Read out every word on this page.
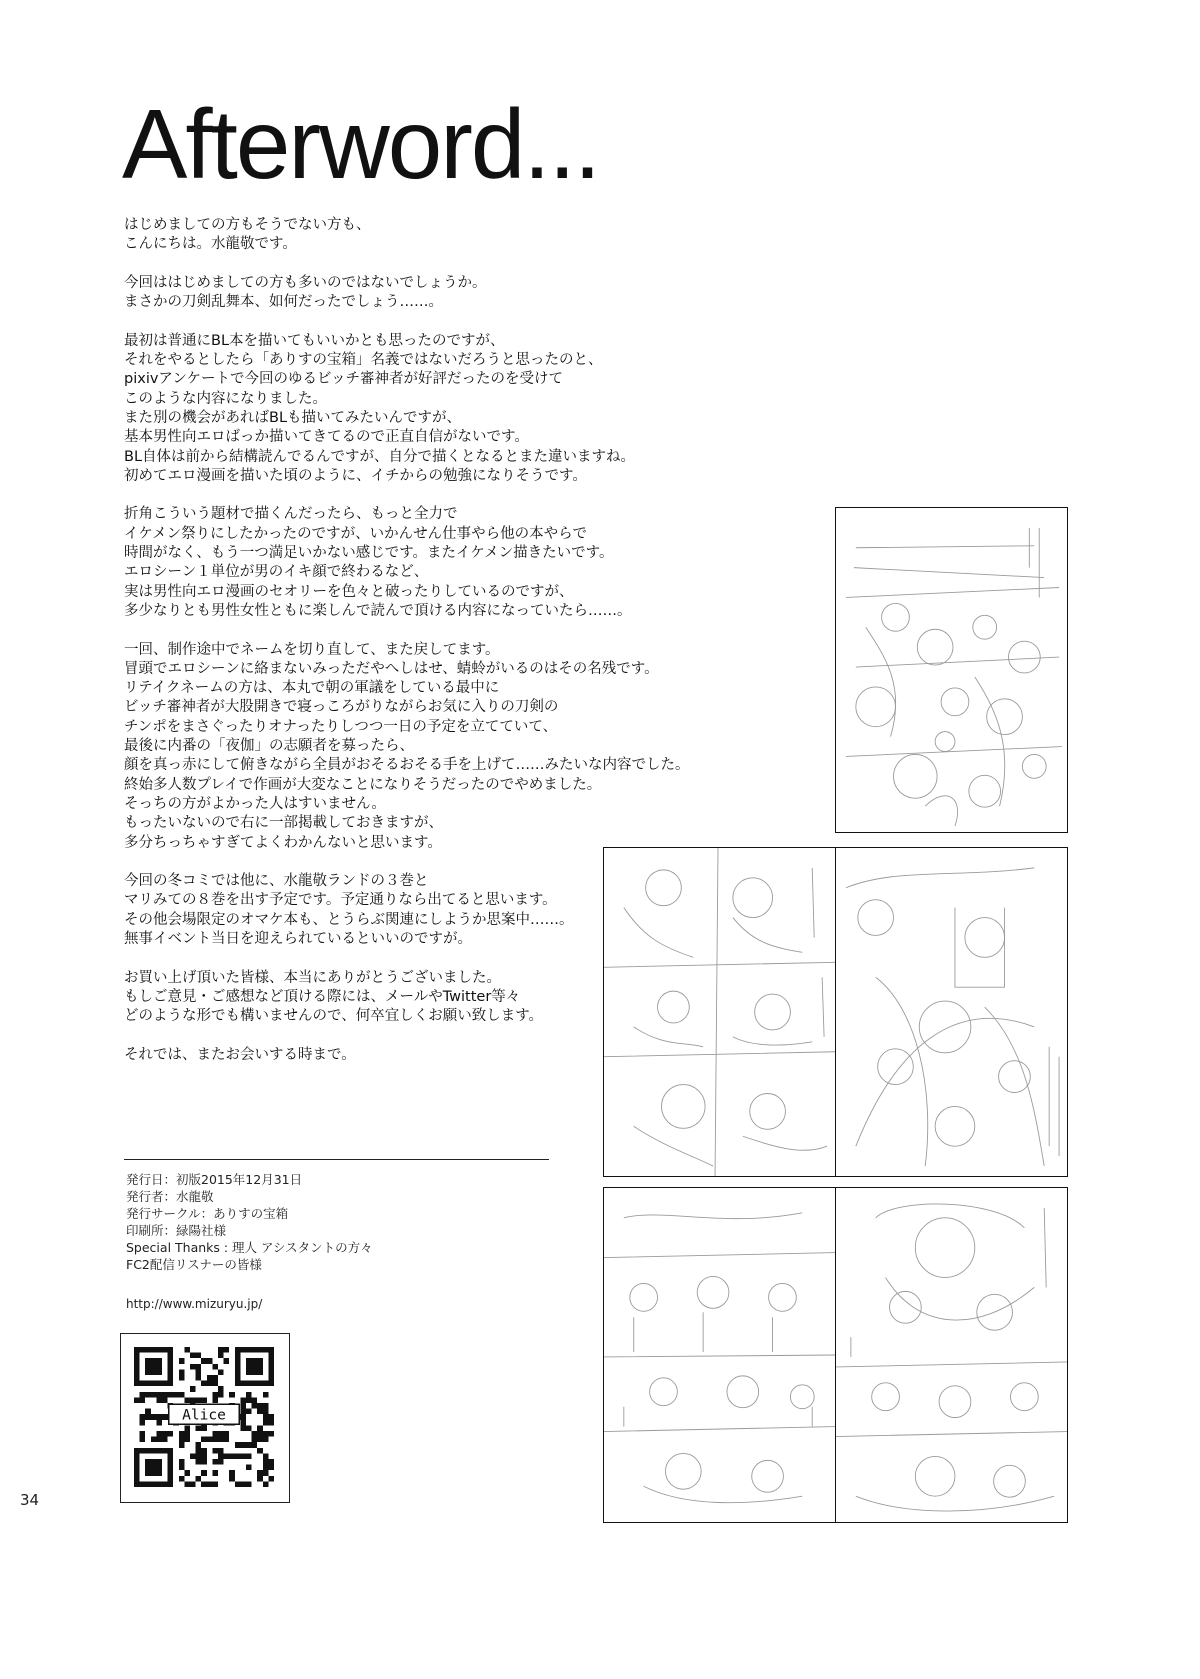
Afterword...
はじめましての方もそうでない方も、
こんにちは。水龍敬です。
今回ははじめましての方も多いのではないでしょうか。
まさかの刀剣乱舞本、如何だったでしょう……。
最初は普通にBL本を描いてもいいかとも思ったのですが、
それをやるとしたら「ありすの宝箱」名義ではないだろうと思ったのと、
pixivアンケートで今回のゆるビッチ審神者が好評だったのを受けて
このような内容になりました。
また別の機会があればBLも描いてみたいんですが、
基本男性向エロばっか描いてきてるので正直自信がないです。
BL自体は前から結構読んでるんですが、自分で描くとなるとまた違いますね。
初めてエロ漫画を描いた頃のように、イチからの勉強になりそうです。
折角こういう題材で描くんだったら、もっと全力で
イケメン祭りにしたかったのですが、いかんせん仕事やら他の本やらで
時間がなく、もう一つ満足いかない感じです。またイケメン描きたいです。
エロシーン１単位が男のイキ顔で終わるなど、
実は男性向エロ漫画のセオリーを色々と破ったりしているのですが、
多少なりとも男性女性ともに楽しんで読んで頂ける内容になっていたら……。
一回、制作途中でネームを切り直して、また戻してます。
冒頭でエロシーンに絡まないみっただやへしはせ、蜻蛉がいるのはその名残です。
リテイクネームの方は、本丸で朝の軍議をしている最中に
ビッチ審神者が大股開きで寝っころがりながらお気に入りの刀剣の
チンポをまさぐったりオナったりしつつ一日の予定を立てていて、
最後に内番の「夜伽」の志願者を募ったら、
顔を真っ赤にして俯きながら全員がおそるおそる手を上げて……みたいな内容でした。
終始多人数プレイで作画が大変なことになりそうだったのでやめました。
そっちの方がよかった人はすいません。
もったいないので右に一部掲載しておきますが、
多分ちっちゃすぎてよくわかんないと思います。
今回の冬コミでは他に、水龍敬ランドの３巻と
マリみての８巻を出す予定です。予定通りなら出てると思います。
その他会場限定のオマケ本も、とうらぶ関連にしようか思案中……。
無事イベント当日を迎えられているといいのですが。
お買い上げ頂いた皆様、本当にありがとうございました。
もしご意見・ご感想など頂ける際には、メールやTwitter等々
どのような形でも構いませんので、何卒宜しくお願い致します。
それでは、またお会いする時まで。
発行日：初版2015年12月31日
発行者：水龍敬
発行サークル：ありすの宝箱
印刷所：緑陽社様
Special Thanks : 理人 アシスタントの方々
FC2配信リスナーの皆様
http://www.mizuryu.jp/
Alice
34
